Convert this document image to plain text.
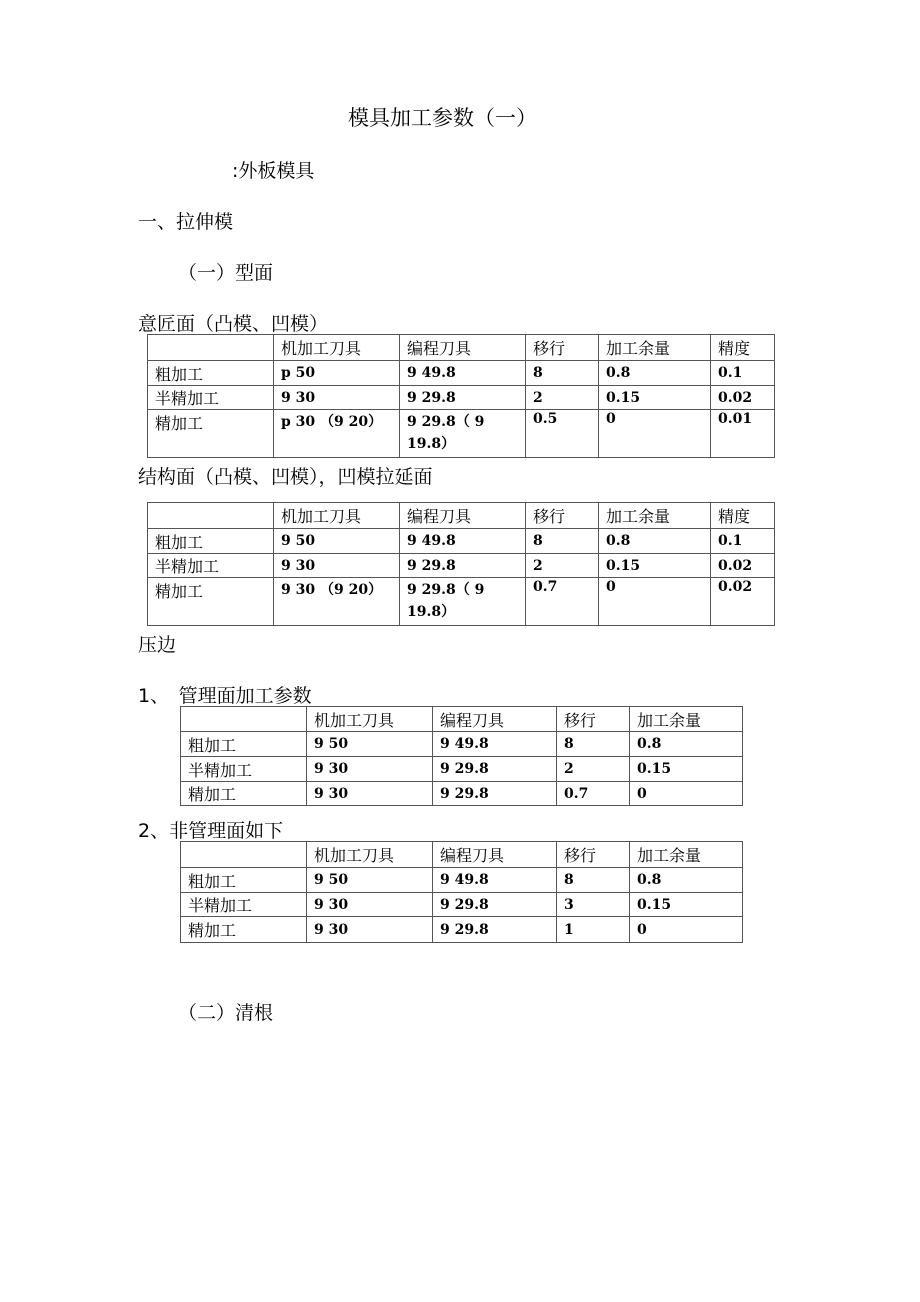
模具加工参数（一）
:外板模具
一、拉伸模
（一）型面
意匠面（凸模、凹模）
	机加工刀具	编程刀具	移行	加工余量	精度
粗加工	p 50	9 49.8	8	0.8	0.1
半精加工	9 30	9 29.8	2	0.15	0.02
精加工	p 30 （9 20）	9 29.8（ 9 19.8）	0.5	0	0.01
结构面（凸模、凹模），凹模拉延面
	机加工刀具	编程刀具	移行	加工余量	精度
粗加工	9 50	9 49.8	8	0.8	0.1
半精加工	9 30	9 29.8	2	0.15	0.02
精加工	9 30 （9 20）	9 29.8（ 9 19.8）	0.7	0	0.02
压边
1、　管理面加工参数
	机加工刀具	编程刀具	移行	加工余量
粗加工	9 50	9 49.8	8	0.8
半精加工	9 30	9 29.8	2	0.15
精加工	9 30	9 29.8	0.7	0
2、非管理面如下
	机加工刀具	编程刀具	移行	加工余量
粗加工	9 50	9 49.8	8	0.8
半精加工	9 30	9 29.8	3	0.15
精加工	9 30	9 29.8	1	0
（二）清根
